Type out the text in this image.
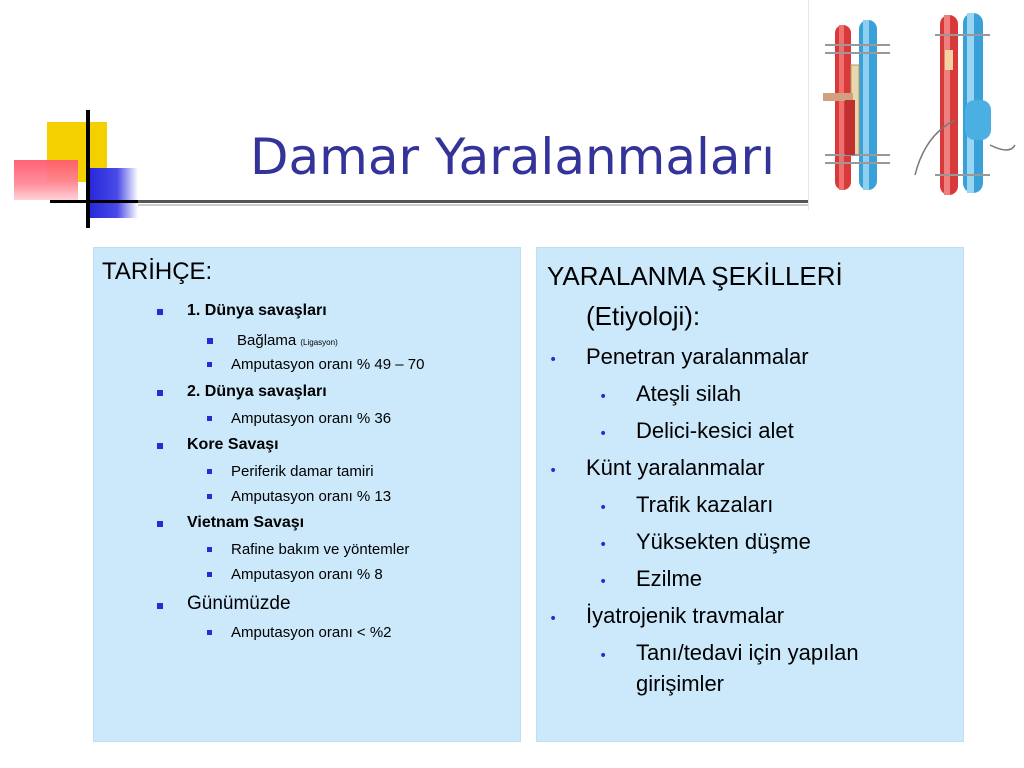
Damar Yaralanmaları
TARİHÇE:
1. Dünya savaşları
Bağlama (Ligasyon)
Amputasyon oranı % 49 – 70
2. Dünya savaşları
Amputasyon oranı % 36
Kore Savaşı
Periferik damar tamiri
Amputasyon oranı % 13
Vietnam Savaşı
Rafine bakım ve yöntemler
Amputasyon oranı % 8
Günümüzde
Amputasyon oranı < %2
YARALANMA ŞEKİLLERİ
(Etiyoloji):
• Penetran yaralanmalar
• Ateşli silah
• Delici-kesici alet
• Künt yaralanmalar
• Trafik kazaları
• Yüksekten düşme
• Ezilme
• İyatrojenik travmalar
• Tanı/tedavi için yapılan
girişimler
